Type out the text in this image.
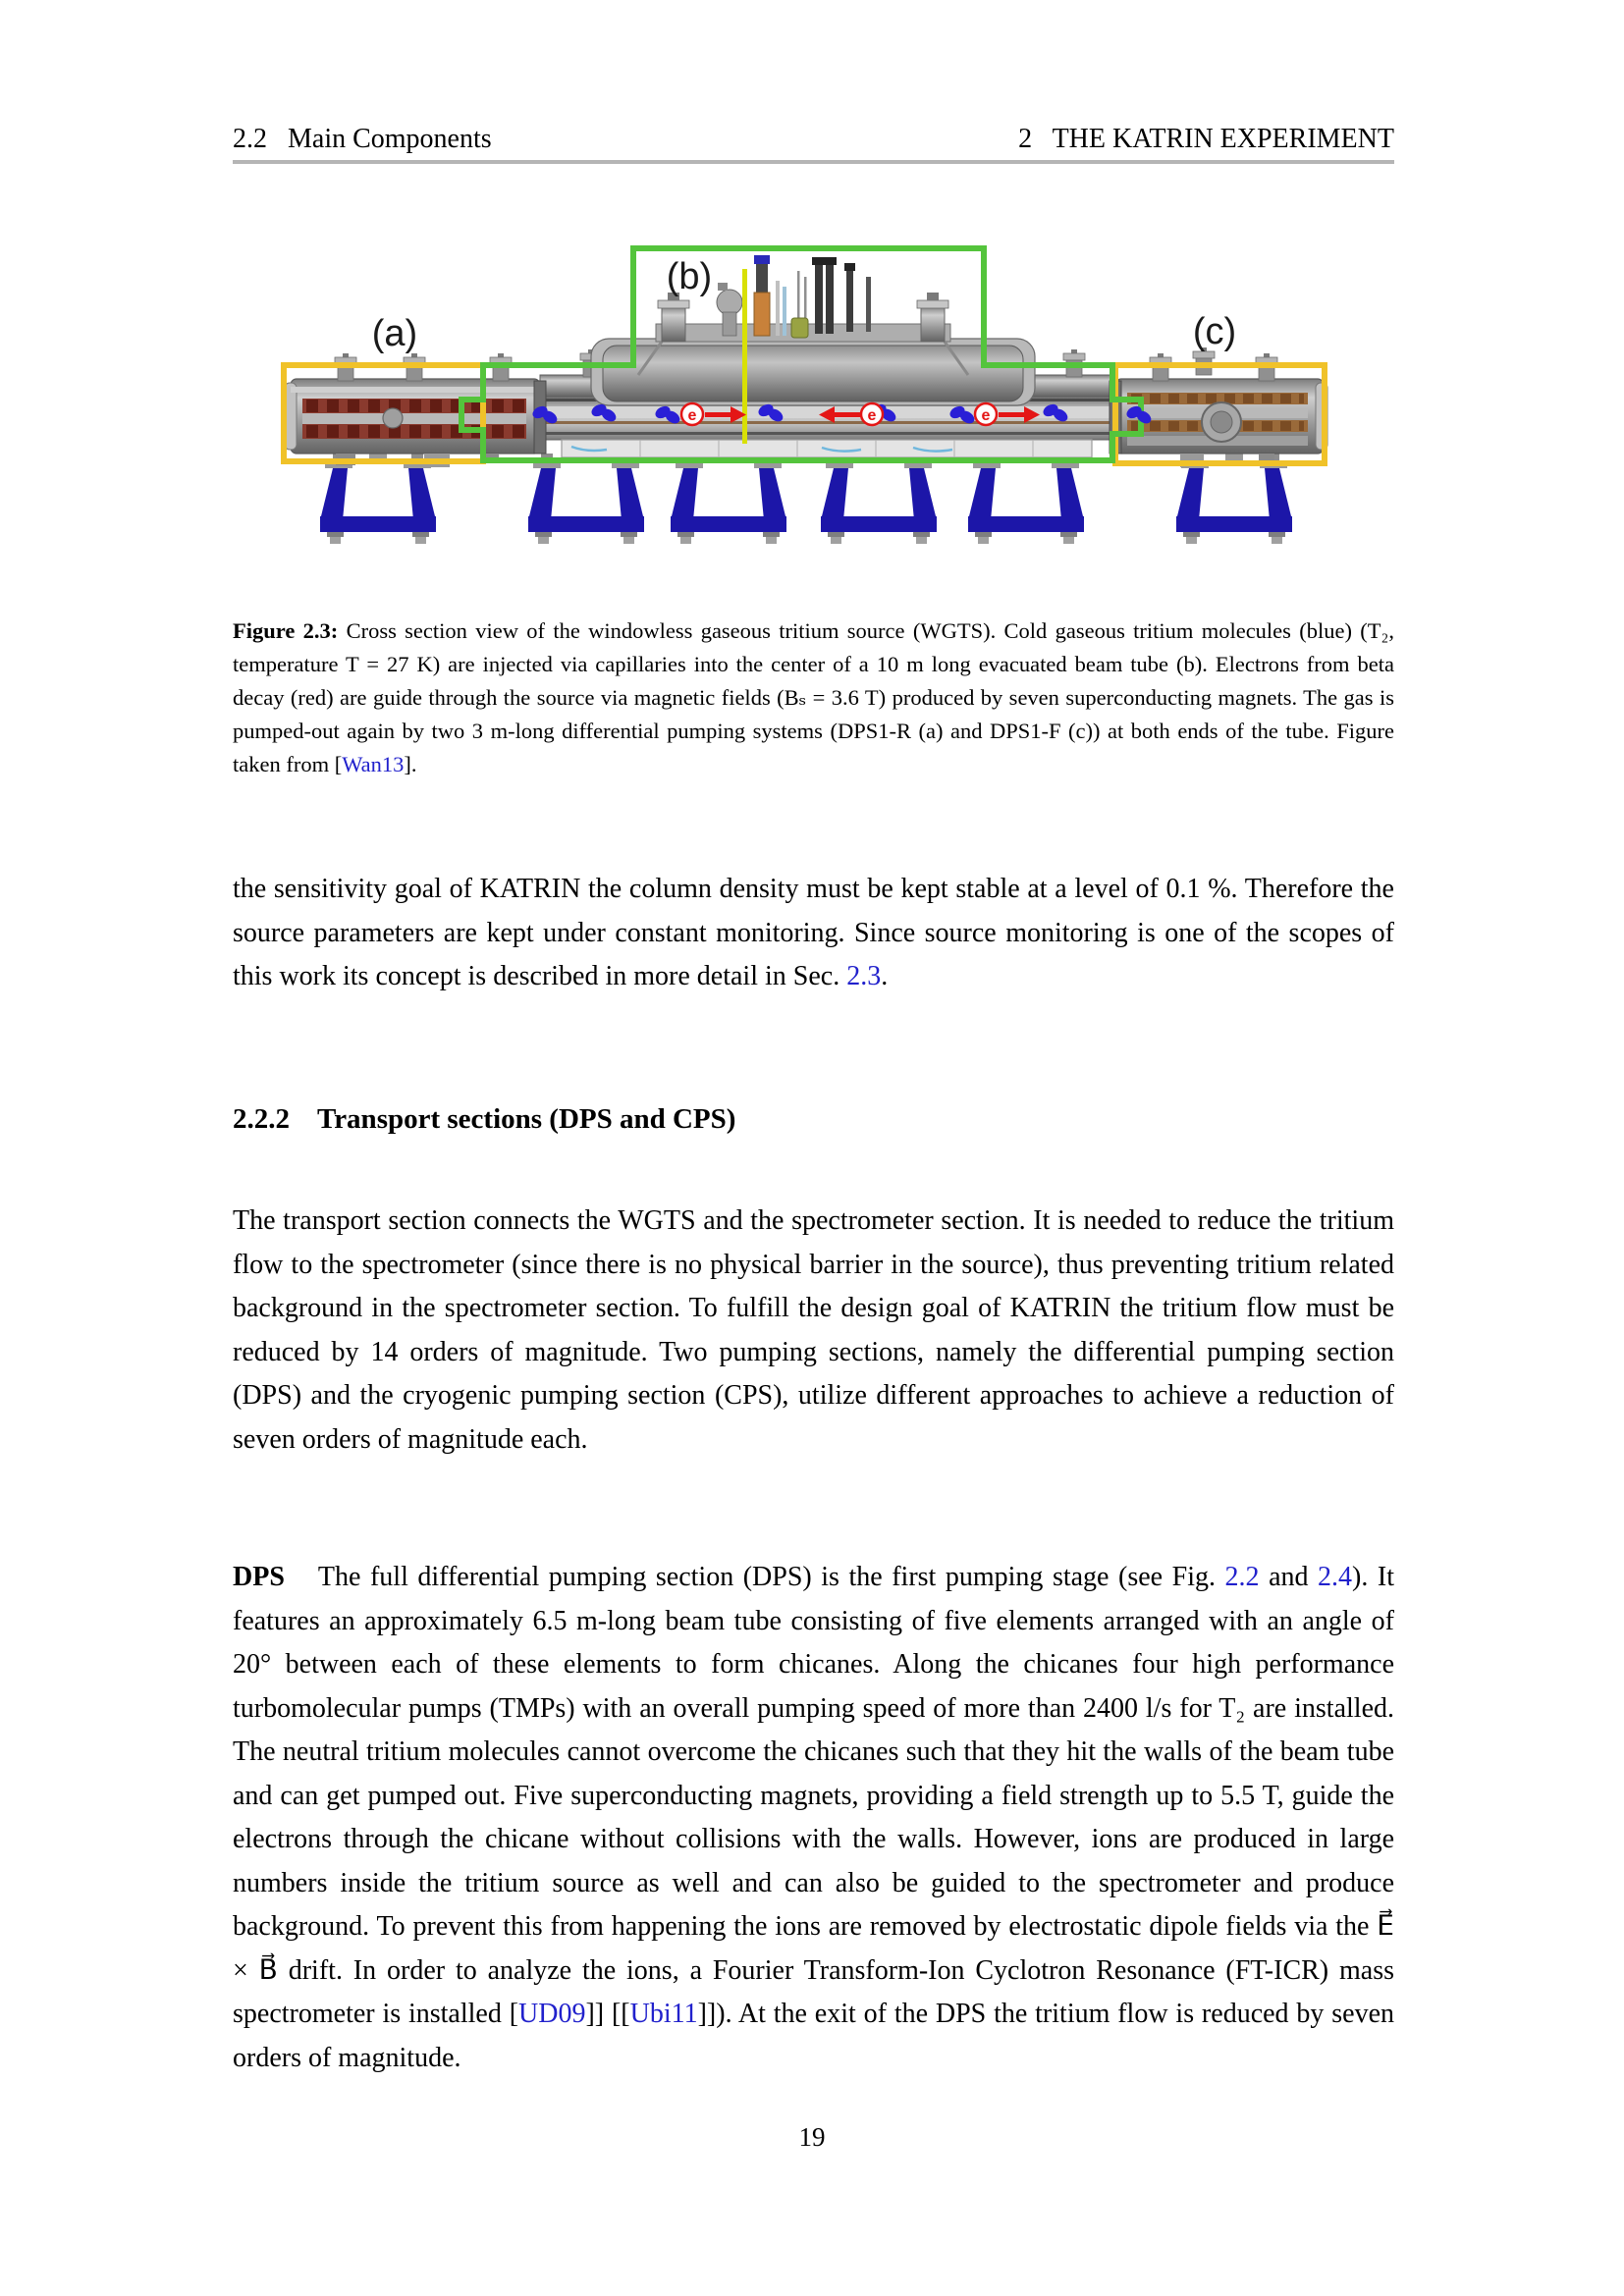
2.2   Main Components	2   THE KATRIN EXPERIMENT
e	e	e
(a)
(b)
(c)
Figure 2.3: Cross section view of the windowless gaseous tritium source (WGTS). Cold gaseous tritium molecules (blue) (T₂, temperature T = 27 K) are injected via capillaries into the center of a 10 m long evacuated beam tube (b). Electrons from beta decay (red) are guide through the source via magnetic fields (Bₛ = 3.6 T) produced by seven superconducting magnets. The gas is pumped-out again by two 3 m-long differential pumping systems (DPS1-R (a) and DPS1-F (c)) at both ends of the tube. Figure taken from [Wan13].
the sensitivity goal of KATRIN the column density must be kept stable at a level of 0.1 %. Therefore the source parameters are kept under constant monitoring. Since source monitoring is one of the scopes of this work its concept is described in more detail in Sec. 2.3.
2.2.2 Transport sections (DPS and CPS)
The transport section connects the WGTS and the spectrometer section. It is needed to reduce the tritium flow to the spectrometer (since there is no physical barrier in the source), thus preventing tritium related background in the spectrometer section. To fulfill the design goal of KATRIN the tritium flow must be reduced by 14 orders of magnitude. Two pumping sections, namely the differential pumping section (DPS) and the cryogenic pumping section (CPS), utilize different approaches to achieve a reduction of seven orders of magnitude each.
DPS The full differential pumping section (DPS) is the first pumping stage (see Fig. 2.2 and 2.4). It features an approximately 6.5 m-long beam tube consisting of five elements arranged with an angle of 20° between each of these elements to form chicanes. Along the chicanes four high performance turbomolecular pumps (TMPs) with an overall pumping speed of more than 2400 l/s for T₂ are installed. The neutral tritium molecules cannot overcome the chicanes such that they hit the walls of the beam tube and can get pumped out. Five superconducting magnets, providing a field strength up to 5.5 T, guide the electrons through the chicane without collisions with the walls. However, ions are produced in large numbers inside the tritium source as well and can also be guided to the spectrometer and produce background. To prevent this from happening the ions are removed by electrostatic dipole fields via the E⃗ × B⃗ drift. In order to analyze the ions, a Fourier Transform-Ion Cyclotron Resonance (FT-ICR) mass spectrometer is installed [UD09]] [[Ubi11]]). At the exit of the DPS the tritium flow is reduced by seven orders of magnitude.
19
